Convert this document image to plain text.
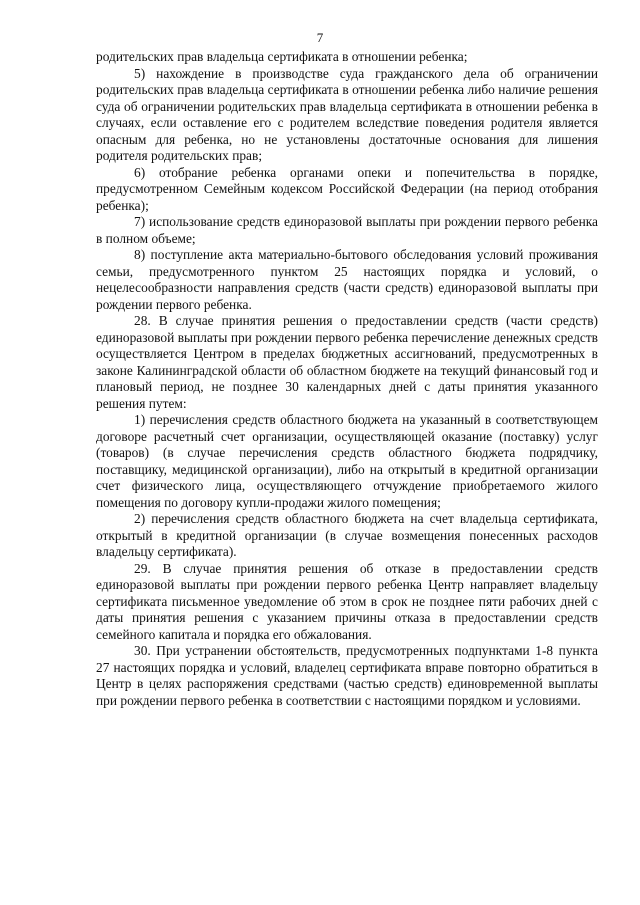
7

родительских прав владельца сертификата в отношении ребенка;

5) нахождение в производстве суда гражданского дела об ограничении родительских прав владельца сертификата в отношении ребенка либо наличие решения суда об ограничении родительских прав владельца сертификата в отношении ребенка в случаях, если оставление его с родителем вследствие поведения родителя является опасным для ребенка, но не установлены достаточные основания для лишения родителя родительских прав;

6) отобрание ребенка органами опеки и попечительства в порядке, предусмотренном Семейным кодексом Российской Федерации (на период отобрания ребенка);

7) использование средств единоразовой выплаты при рождении первого ребенка в полном объеме;

8) поступление акта материально-бытового обследования условий проживания семьи, предусмотренного пунктом 25 настоящих порядка и условий, о нецелесообразности направления средств (части средств) единоразовой выплаты при рождении первого ребенка.

28. В случае принятия решения о предоставлении средств (части средств) единоразовой выплаты при рождении первого ребенка перечисление денежных средств осуществляется Центром в пределах бюджетных ассигнований, предусмотренных в законе Калининградской области об областном бюджете на текущий финансовый год и плановый период, не позднее 30 календарных дней с даты принятия указанного решения путем:

1) перечисления средств областного бюджета на указанный в соответствующем договоре расчетный счет организации, осуществляющей оказание (поставку) услуг (товаров) (в случае перечисления средств областного бюджета подрядчику, поставщику, медицинской организации), либо на открытый в кредитной организации счет физического лица, осуществляющего отчуждение приобретаемого жилого помещения по договору купли-продажи жилого помещения;

2) перечисления средств областного бюджета на счет владельца сертификата, открытый в кредитной организации (в случае возмещения понесенных расходов владельцу сертификата).

29. В случае принятия решения об отказе в предоставлении средств единоразовой выплаты при рождении первого ребенка Центр направляет владельцу сертификата письменное уведомление об этом в срок не позднее пяти рабочих дней с даты принятия решения с указанием причины отказа в предоставлении средств семейного капитала и порядка его обжалования.

30. При устранении обстоятельств, предусмотренных подпунктами 1-8 пункта 27 настоящих порядка и условий, владелец сертификата вправе повторно обратиться в Центр в целях распоряжения средствами (частью средств) единовременной выплаты при рождении первого ребенка в соответствии с настоящими порядком и условиями.
